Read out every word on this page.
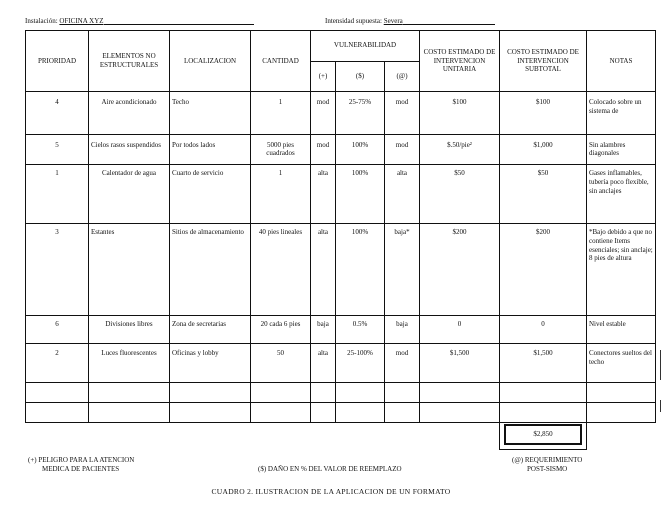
Instalación: OFICINA XYZ	Intensidad supuesta: Severa
PRIORIDAD	ELEMENTOS NO ESTRUCTURALES	LOCALIZACION	CANTIDAD	VULNERABILIDAD			COSTO ESTIMADO DE INTERVENCION UNITARIA	COSTO ESTIMADO DE INTERVENCION SUBTOTAL	NOTAS
				(+)	($)	(@)			
4	Aire acondicionado	Techo	1	mod	25-75%	mod	$100	$100	Colocado sobre un sistema de
5	Cielos rasos suspendidos	Por todos lados	5000 pies cuadrados	mod	100%	mod	$.50/pie²	$1,000	Sin alambres diagonales
1	Calentador de agua	Cuarto de servicio	1	alta	100%	alta	$50	$50	Gases inflamables, tubería poco flexible, sin anclajes
3	Estantes	Sitios de almacenamiento	40 pies lineales	alta	100%	baja*	$200	$200	*Bajo debido a que no contiene Items esenciales; sin anclaje; 8 pies de altura
6	Divisiones libres	Zona de secretarias	20 cada 6 pies	baja	0.5%	baja	0	0	Nivel estable
2	Luces fluorescentes	Oficinas y lobby	50	alta	25-100%	mod	$1,500	$1,500	Conectores sueltos del techo

								$2,850	

(+) PELIGRO PARA LA ATENCION
MEDICA DE PACIENTES	($) DAÑO EN % DEL VALOR DE REEMPLAZO
(@) REQUERIMIENTO
POST-SISMO
CUADRO 2. ILUSTRACION DE LA APLICACION DE UN FORMATO
